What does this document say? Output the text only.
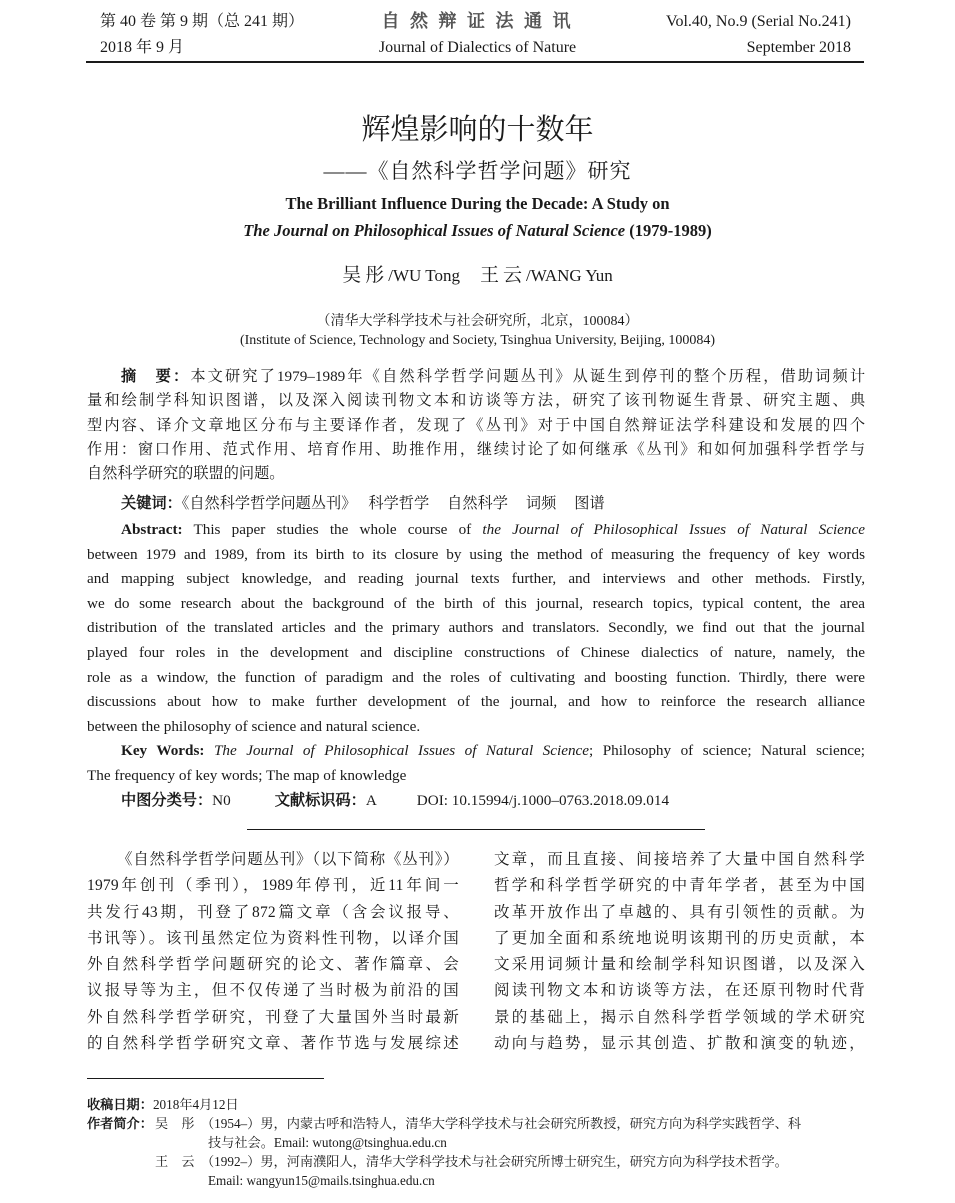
第 40 卷 第 9 期（总 241 期）
2018 年 9 月
自 然 辩 证 法 通 讯
Journal of Dialectics of Nature
Vol.40, No.9 (Serial No.241)
September 2018
辉煌影响的十数年
——《自然科学哲学问题》研究
The Brilliant Influence During the Decade: A Study on
The Journal on Philosophical Issues of Natural Science (1979-1989)
吴彤/WU Tong 王云/WANG Yun
（清华大学科学技术与社会研究所，北京，100084）
(Institute of Science, Technology and Society, Tsinghua University, Beijing, 100084)
摘　要：本文研究了1979–1989年《自然科学哲学问题丛刊》从诞生到停刊的整个历程，借助词频计
量和绘制学科知识图谱，以及深入阅读刊物文本和访谈等方法，研究了该刊物诞生背景、研究主题、典
型内容、译介文章地区分布与主要译作者，发现了《丛刊》对于中国自然辩证法学科建设和发展的四个
作用：窗口作用、范式作用、培育作用、助推作用，继续讨论了如何继承《丛刊》和如何加强科学哲学与
自然科学研究的联盟的问题。
关键词：《自然科学哲学问题丛刊》 科学哲学 自然科学 词频 图谱
Abstract: This paper studies the whole course of the Journal of Philosophical Issues of Natural Science
between 1979 and 1989, from its birth to its closure by using the method of measuring the frequency of key words
and mapping subject knowledge, and reading journal texts further, and interviews and other methods. Firstly,
we do some research about the background of the birth of this journal, research topics, typical content, the area
distribution of the translated articles and the primary authors and translators. Secondly, we find out that the journal
played four roles in the development and discipline constructions of Chinese dialectics of nature, namely, the
role as a window, the function of paradigm and the roles of cultivating and boosting function. Thirdly, there were
discussions about how to make further development of the journal, and how to reinforce the research alliance
between the philosophy of science and natural science.
Key Words: The Journal of Philosophical Issues of Natural Science; Philosophy of science; Natural science;
The frequency of key words; The map of knowledge
中图分类号：N0	文献标识码：A	DOI: 10.15994/j.1000–0763.2018.09.014
《自然科学哲学问题丛刊》（以下简称《丛刊》）
1979年创刊（季刊），1989年停刊，近11年间一
共发行43期，刊登了872篇文章（含会议报导、
书讯等）。该刊虽然定位为资料性刊物，以译介国
外自然科学哲学问题研究的论文、著作篇章、会
议报导等为主，但不仅传递了当时极为前沿的国
外自然科学哲学研究，刊登了大量国外当时最新
的自然科学哲学研究文章、著作节选与发展综述
文章，而且直接、间接培养了大量中国自然科学
哲学和科学哲学研究的中青年学者，甚至为中国
改革开放作出了卓越的、具有引领性的贡献。为
了更加全面和系统地说明该期刊的历史贡献，本
文采用词频计量和绘制学科知识图谱，以及深入
阅读刊物文本和访谈等方法，在还原刊物时代背
景的基础上，揭示自然科学哲学领域的学术研究
动向与趋势，显示其创造、扩散和演变的轨迹，
收稿日期：2018年4月12日
作者简介： 吴　彤 （1954–）男，内蒙古呼和浩特人，清华大学科学技术与社会研究所教授，研究方向为科学实践哲学、科
技与社会。Email: wutong@tsinghua.edu.cn
王　云 （1992–）男，河南濮阳人，清华大学科学技术与社会研究所博士研究生，研究方向为科学技术哲学。
Email: wangyun15@mails.tsinghua.edu.cn
